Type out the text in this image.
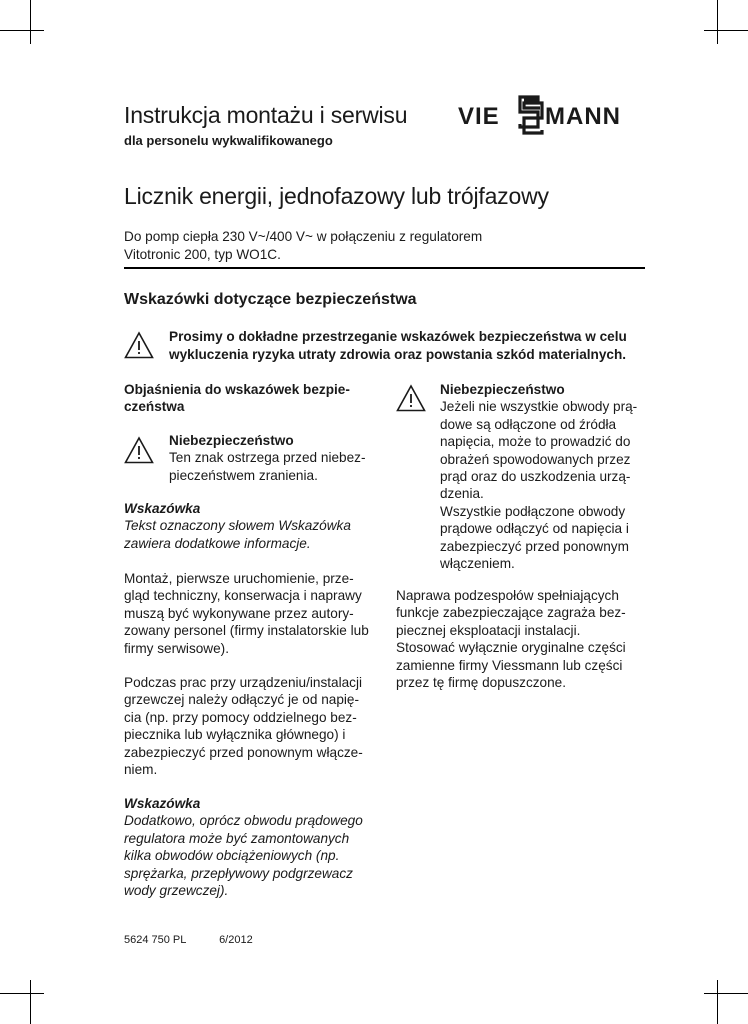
Instrukcja montażu i serwisu
dla personelu wykwalifikowanego
VIE MANN
Licznik energii, jednofazowy lub trójfazowy
Do pomp ciepła 230 V~/400 V~ w połączeniu z regulatorem
Vitotronic 200, typ WO1C.
Wskazówki dotyczące bezpieczeństwa
Prosimy o dokładne przestrzeganie wskazówek bezpieczeństwa w celu
wykluczenia ryzyka utraty zdrowia oraz powstania szkód materialnych.
Objaśnienia do wskazówek bezpie-
czeństwa
Niebezpieczeństwo
Ten znak ostrzega przed niebez-
pieczeństwem zranienia.
Wskazówka
Tekst oznaczony słowem Wskazówka
zawiera dodatkowe informacje.
Montaż, pierwsze uruchomienie, prze-
gląd techniczny, konserwacja i naprawy
muszą być wykonywane przez autory-
zowany personel (firmy instalatorskie lub
firmy serwisowe).
Podczas prac przy urządzeniu/instalacji
grzewczej należy odłączyć je od napię-
cia (np. przy pomocy oddzielnego bez-
piecznika lub wyłącznika głównego) i
zabezpieczyć przed ponownym włącze-
niem.
Wskazówka
Dodatkowo, oprócz obwodu prądowego
regulatora może być zamontowanych
kilka obwodów obciążeniowych (np.
sprężarka, przepływowy podgrzewacz
wody grzewczej).
Niebezpieczeństwo
Jeżeli nie wszystkie obwody prą-
dowe są odłączone od źródła
napięcia, może to prowadzić do
obrażeń spowodowanych przez
prąd oraz do uszkodzenia urzą-
dzenia.
Wszystkie podłączone obwody
prądowe odłączyć od napięcia i
zabezpieczyć przed ponownym
włączeniem.
Naprawa podzespołów spełniających
funkcje zabezpieczające zagraża bez-
piecznej eksploatacji instalacji.
Stosować wyłącznie oryginalne części
zamienne firmy Viessmann lub części
przez tę firmę dopuszczone.
5624 750 PL	6/2012
